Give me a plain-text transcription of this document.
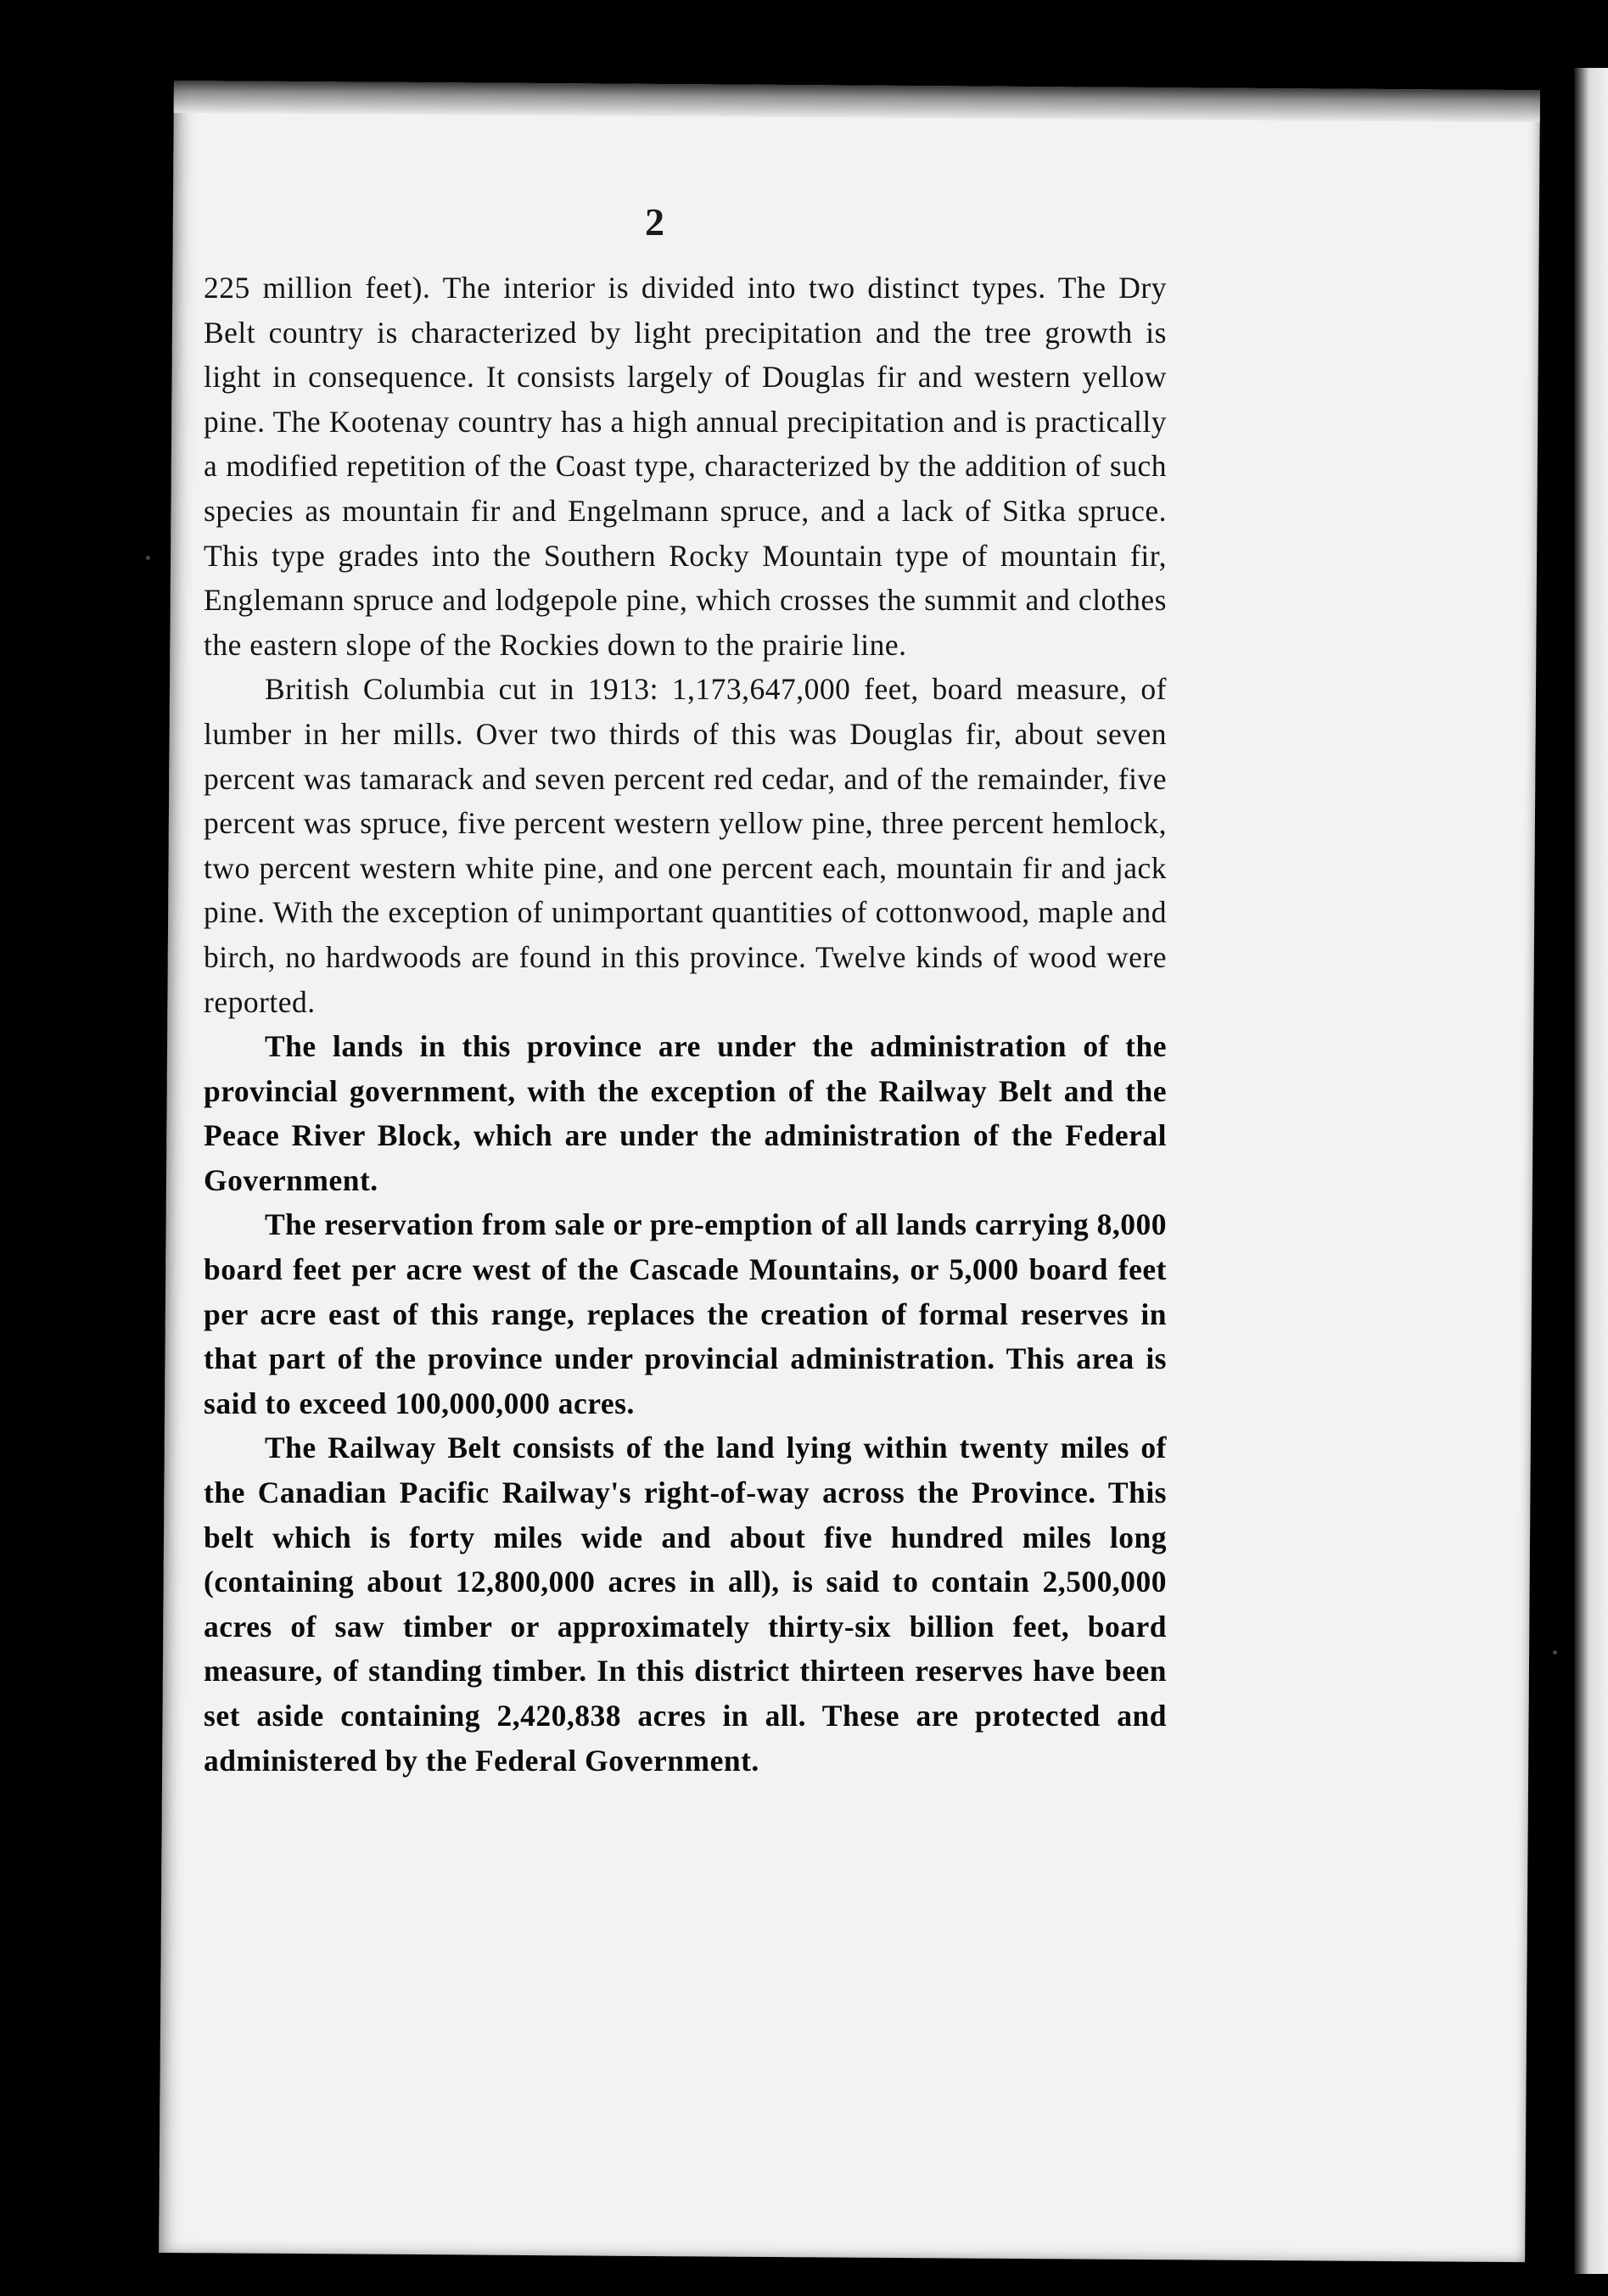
2

225 million feet). The interior is divided into two distinct types. The Dry Belt country is characterized by light precipitation and the tree growth is light in consequence. It consists largely of Douglas fir and western yellow pine. The Kootenay country has a high annual precipitation and is practically a modified repetition of the Coast type, characterized by the addition of such species as mountain fir and Engelmann spruce, and a lack of Sitka spruce. This type grades into the Southern Rocky Mountain type of mountain fir, Englemann spruce and lodgepole pine, which crosses the summit and clothes the eastern slope of the Rockies down to the prairie line.

British Columbia cut in 1913: 1,173,647,000 feet, board measure, of lumber in her mills. Over two thirds of this was Douglas fir, about seven percent was tamarack and seven percent red cedar, and of the remainder, five percent was spruce, five percent western yellow pine, three percent hemlock, two percent western white pine, and one percent each, mountain fir and jack pine. With the exception of unimportant quantities of cottonwood, maple and birch, no hardwoods are found in this province. Twelve kinds of wood were reported.

The lands in this province are under the administration of the provincial government, with the exception of the Railway Belt and the Peace River Block, which are under the administration of the Federal Government.

The reservation from sale or pre-emption of all lands carrying 8,000 board feet per acre west of the Cascade Mountains, or 5,000 board feet per acre east of this range, replaces the creation of formal reserves in that part of the province under provincial administration. This area is said to exceed 100,000,000 acres.

The Railway Belt consists of the land lying within twenty miles of the Canadian Pacific Railway's right-of-way across the Province. This belt which is forty miles wide and about five hundred miles long (containing about 12,800,000 acres in all), is said to contain 2,500,000 acres of saw timber or approximately thirty-six billion feet, board measure, of standing timber. In this district thirteen reserves have been set aside containing 2,420,838 acres in all. These are protected and administered by the Federal Government.
